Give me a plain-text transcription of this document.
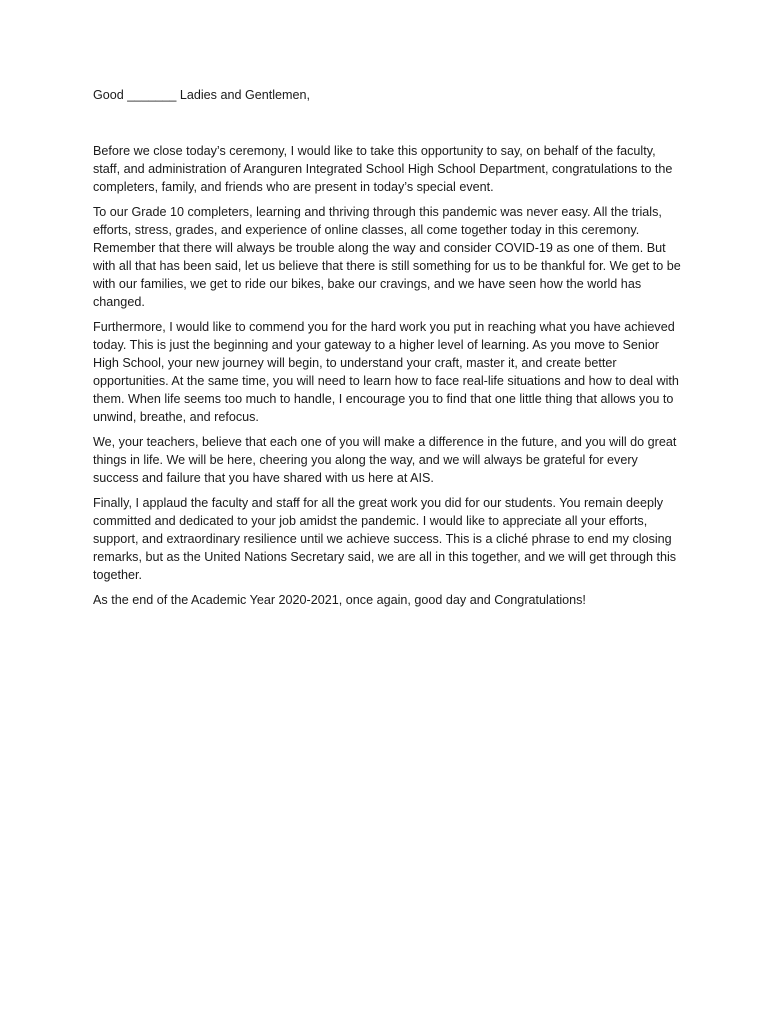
Good _______ Ladies and Gentlemen,

Before we close today’s ceremony, I would like to take this opportunity to say, on behalf of the faculty, staff, and administration of Aranguren Integrated School High School Department, congratulations to the completers, family, and friends who are present in today’s special event.

To our Grade 10 completers, learning and thriving through this pandemic was never easy. All the trials, efforts, stress, grades, and experience of online classes, all come together today in this ceremony. Remember that there will always be trouble along the way and consider COVID-19 as one of them. But with all that has been said, let us believe that there is still something for us to be thankful for. We get to be with our families, we get to ride our bikes, bake our cravings, and we have seen how the world has changed.

Furthermore, I would like to commend you for the hard work you put in reaching what you have achieved today. This is just the beginning and your gateway to a higher level of learning. As you move to Senior High School, your new journey will begin, to understand your craft, master it, and create better opportunities. At the same time, you will need to learn how to face real-life situations and how to deal with them. When life seems too much to handle, I encourage you to find that one little thing that allows you to unwind, breathe, and refocus.

We, your teachers, believe that each one of you will make a difference in the future, and you will do great things in life. We will be here, cheering you along the way, and we will always be grateful for every success and failure that you have shared with us here at AIS.

Finally, I applaud the faculty and staff for all the great work you did for our students. You remain deeply committed and dedicated to your job amidst the pandemic. I would like to appreciate all your efforts, support, and extraordinary resilience until we achieve success. This is a cliché phrase to end my closing remarks, but as the United Nations Secretary said, we are all in this together, and we will get through this together.

As the end of the Academic Year 2020-2021, once again, good day and Congratulations!
